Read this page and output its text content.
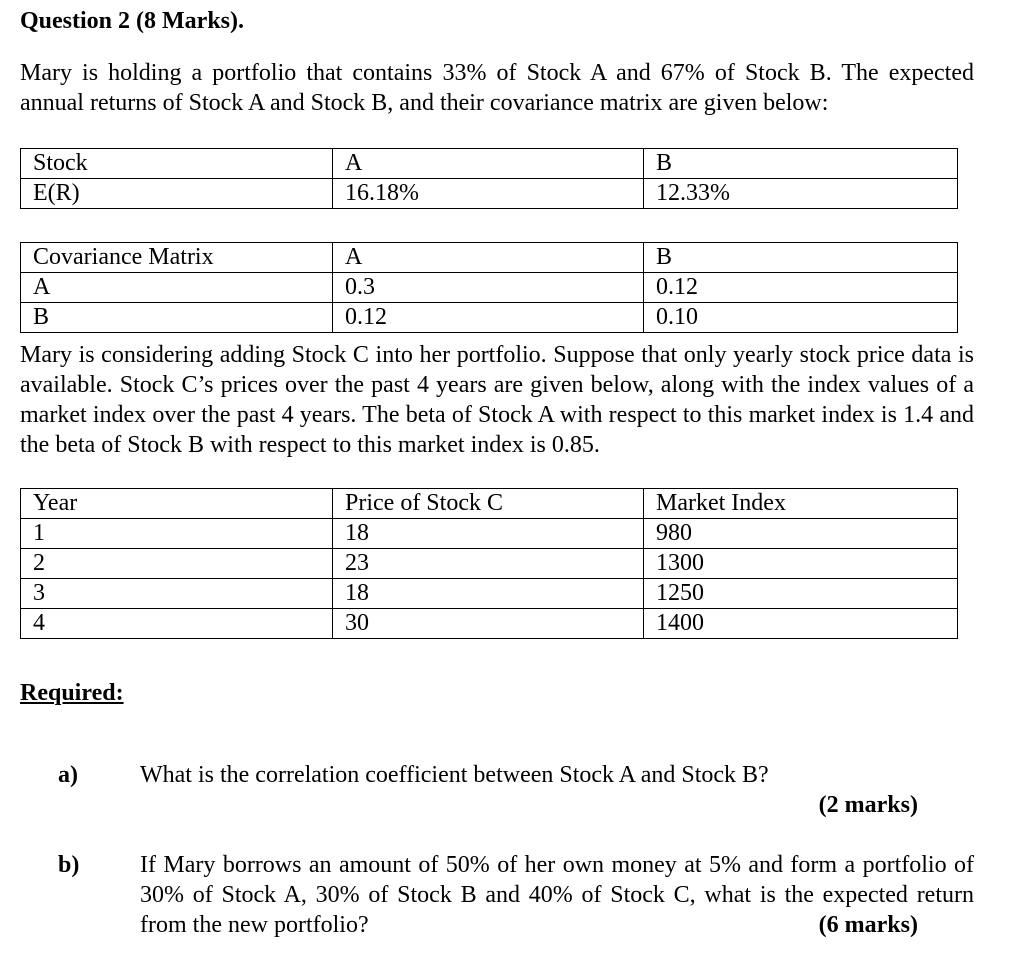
Question 2 (8 Marks).
Mary is holding a portfolio that contains 33% of Stock A and 67% of Stock B. The expected annual returns of Stock A and Stock B, and their covariance matrix are given below:
Stock	A	B
E(R)	16.18%	12.33%
Covariance Matrix	A	B
A	0.3	0.12
B	0.12	0.10
Mary is considering adding Stock C into her portfolio. Suppose that only yearly stock price data is available. Stock C’s prices over the past 4 years are given below, along with the index values of a market index over the past 4 years. The beta of Stock A with respect to this market index is 1.4 and the beta of Stock B with respect to this market index is 0.85.
Year	Price of Stock C	Market Index
1	18	980
2	23	1300
3	18	1250
4	30	1400
Required:
a)	What is the correlation coefficient between Stock A and Stock B?
(2 marks)
b)	If Mary borrows an amount of 50% of her own money at 5% and form a portfolio of 30% of Stock A, 30% of Stock B and 40% of Stock C, what is the expected return from the new portfolio?	(6 marks)
